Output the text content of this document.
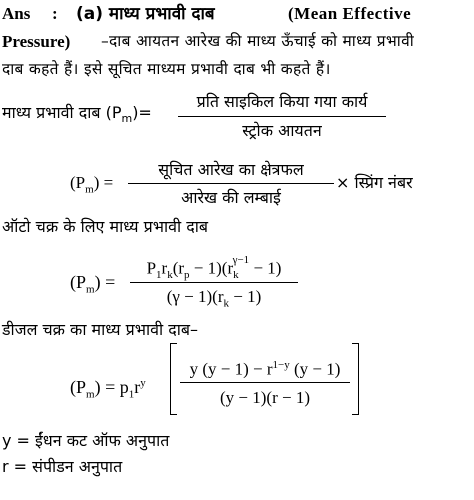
Ans : (a) माध्य प्रभावी दाब	(Mean Effective
Pressure) –दाब आयतन आरेख की माध्य ऊँचाई को माध्य प्रभावी
दाब कहते हैं। इसे सूचित माध्यम प्रभावी दाब भी कहते हैं।
माध्य प्रभावी दाब $(P_m)=$
प्रति साइकिल किया गया कार्य
स्ट्रोक आयतन
$(P_m)$ =
सूचित आरेख का क्षेत्रफल
आरेख की लम्बाई
× स्प्रिंग नंबर
ऑटो चक्र के लिए माध्य प्रभावी दाब
$(P_m)$ =
$P_1r_k(r_p - 1)(r_k^{\gamma-1} - 1)$
$(\gamma - 1)(r_k - 1)$
डीजल चक्र का माध्य प्रभावी दाब–
$(P_m) = p_1r^y$
y $(y - 1) - r^{1-y}$ (y − 1)
(y − 1)(r − 1)
y = ईंधन कट ऑफ अनुपात
r = संपीडन अनुपात
